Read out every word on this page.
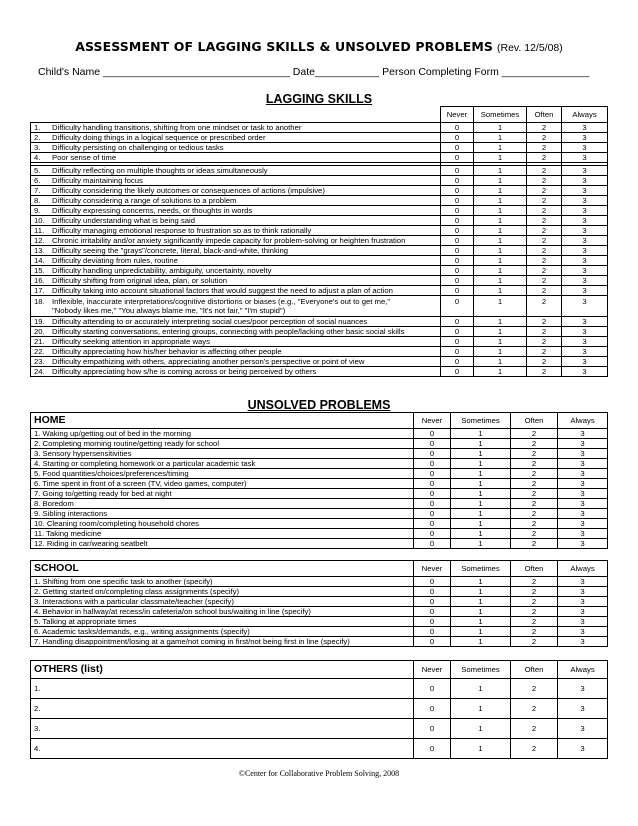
ASSESSMENT OF LAGGING SKILLS & UNSOLVED PROBLEMS (Rev. 12/5/08)
Child's Name ________________________________ Date___________ Person Completing Form _______________
LAGGING SKILLS
	Never	Sometimes	Often	Always
1. Difficulty handling transitions, shifting from one mindset or task to another	0	1	2	3
2. Difficulty doing things in a logical sequence or prescribed order	0	1	2	3
3. Difficulty persisting on challenging or tedious tasks	0	1	2	3
4. Poor sense of time	0	1	2	3

5. Difficulty reflecting on multiple thoughts or ideas simultaneously	0	1	2	3
6. Difficulty maintaining focus	0	1	2	3
7. Difficulty considering the likely outcomes or consequences of actions (impulsive)	0	1	2	3
8. Difficulty considering a range of solutions to a problem	0	1	2	3
9. Difficulty expressing concerns, needs, or thoughts in words	0	1	2	3
10. Difficulty understanding what is being said	0	1	2	3
11. Difficulty managing emotional response to frustration so as to think rationally	0	1	2	3
12. Chronic irritability and/or anxiety significantly impede capacity for problem-solving or heighten frustration	0	1	2	3
13. Difficulty seeing the "grays"/concrete, literal, black-and-white, thinking	0	1	2	3
14. Difficulty deviating from rules, routine	0	1	2	3
15. Difficulty handling unpredictability, ambiguity, uncertainty, novelty	0	1	2	3
16. Difficulty shifting from original idea, plan, or solution	0	1	2	3
17. Difficulty taking into account situational factors that would suggest the need to adjust a plan of action	0	1	2	3
18. Inflexible, inaccurate interpretations/cognitive distortions or biases (e.g., "Everyone's out to get me,"
"Nobody likes me," "You always blame me, "It's not fair," "I'm stupid")	0	1	2	3
19. Difficulty attending to or accurately interpreting social cues/poor perception of social nuances	0	1	2	3
20. Difficulty starting conversations, entering groups, connecting with people/lacking other basic social skills	0	1	2	3
21. Difficulty seeking attention in appropriate ways	0	1	2	3
22. Difficulty appreciating how his/her behavior is affecting other people	0	1	2	3
23. Difficulty empathizing with others, appreciating another person's perspective or point of view	0	1	2	3
24. Difficulty appreciating how s/he is coming across or being perceived by others	0	1	2	3
UNSOLVED PROBLEMS
HOME	Never	Sometimes	Often	Always
1. Waking up/getting out of bed in the morning	0	1	2	3
2. Completing morning routine/getting ready for school	0	1	2	3
3. Sensory hypersensitivities	0	1	2	3
4. Starting or completing homework or a particular academic task	0	1	2	3
5. Food quantities/choices/preferences/timing	0	1	2	3
6. Time spent in front of a screen (TV, video games, computer)	0	1	2	3
7. Going to/getting ready for bed at night	0	1	2	3
8. Boredom	0	1	2	3
9. Sibling interactions	0	1	2	3
10. Cleaning room/completing household chores	0	1	2	3
11. Taking medicine	0	1	2	3
12. Riding in car/wearing seatbelt	0	1	2	3
SCHOOL	Never	Sometimes	Often	Always
1. Shifting from one specific task to another (specify)	0	1	2	3
2. Getting started on/completing class assignments (specify)	0	1	2	3
3. Interactions with a particular classmate/teacher (specify)	0	1	2	3
4. Behavior in hallway/at recess/in cafeteria/on school bus/waiting in line (specify)	0	1	2	3
5. Talking at appropriate times	0	1	2	3
6. Academic tasks/demands, e.g., writing assignments (specify)	0	1	2	3
7. Handling disappointment/losing at a game/not coming in first/not being first in line (specify)	0	1	2	3
OTHERS (list)	Never	Sometimes	Often	Always
1.	0	1	2	3
2.	0	1	2	3
3.	0	1	2	3
4.	0	1	2	3
©Center for Collaborative Problem Solving, 2008
